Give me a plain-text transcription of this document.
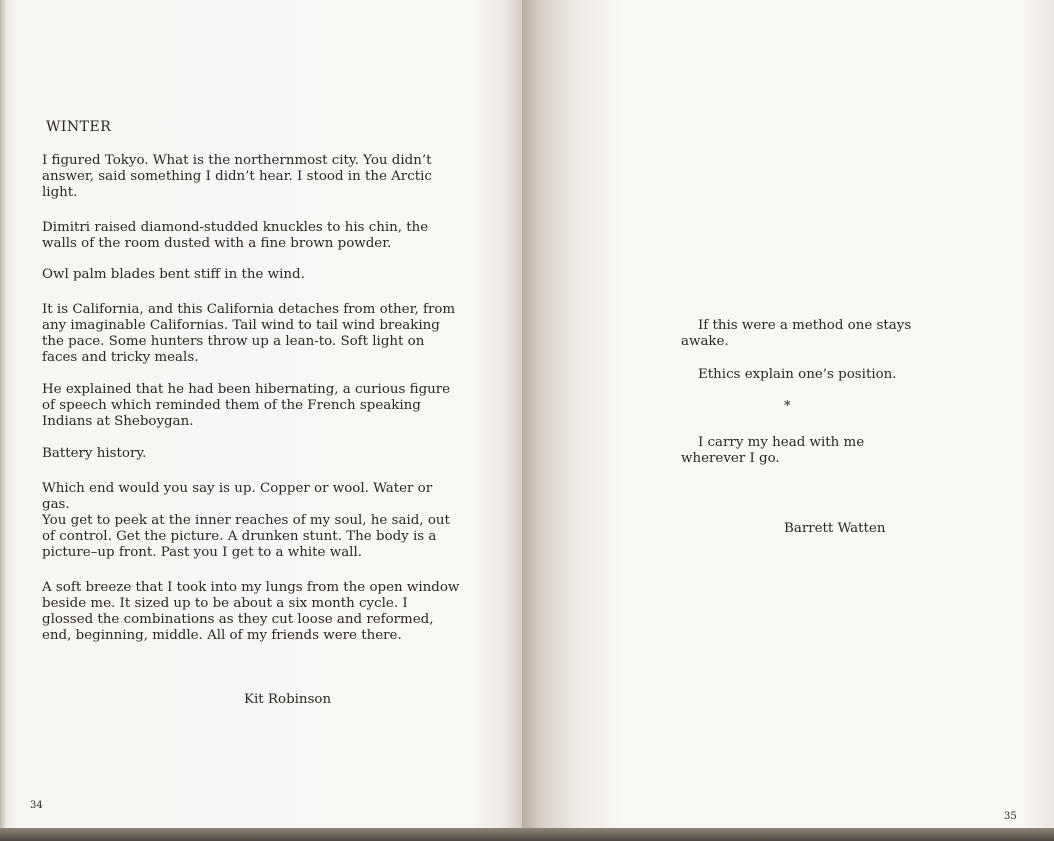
WINTER

I figured Tokyo. What is the northernmost city. You didn’t answer, said something I didn’t hear. I stood in the Arctic light.

Dimitri raised diamond-studded knuckles to his chin, the walls of the room dusted with a fine brown powder.

Owl palm blades bent stiff in the wind.

It is California, and this California detaches from other, from any imaginable Californias. Tail wind to tail wind breaking the pace. Some hunters throw up a lean-to. Soft light on faces and tricky meals.

He explained that he had been hibernating, a curious figure of speech which reminded them of the French speaking Indians at Sheboygan.

Battery history.

Which end would you say is up. Copper or wool. Water or gas.

You get to peek at the inner reaches of my soul, he said, out of control. Get the picture. A drunken stunt. The body is a picture–up front. Past you I get to a white wall.

A soft breeze that I took into my lungs from the open window beside me. It sized up to be about a six month cycle. I glossed the combinations as they cut loose and reformed, end, beginning, middle. All of my friends were there.

Kit Robinson

34

If this were a method one stays awake.

Ethics explain one’s position.

*

I carry my head with me wherever I go.

Barrett Watten

35
